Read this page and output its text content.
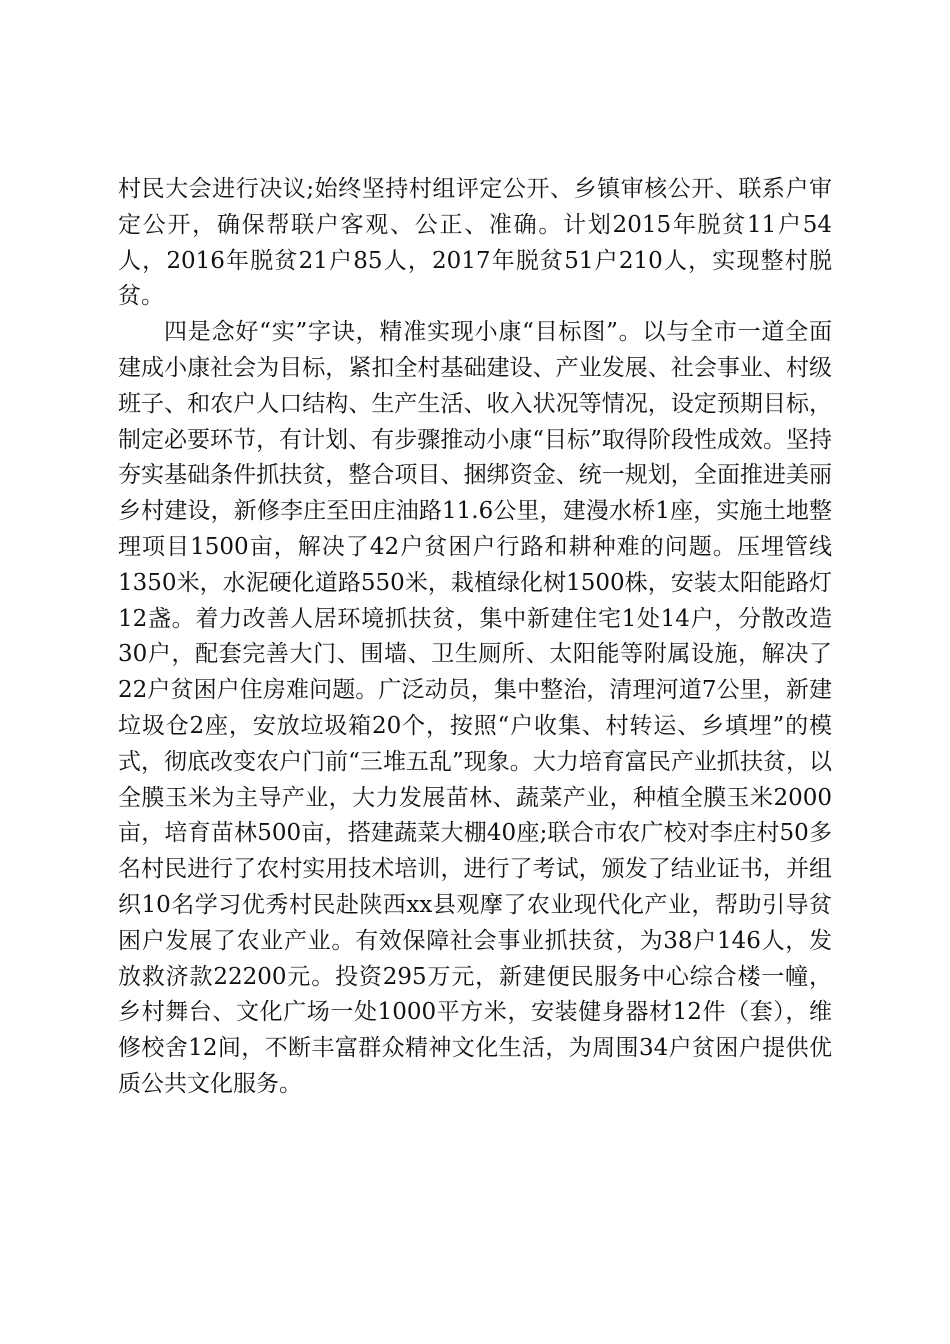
村民大会进行决议;始终坚持村组评定公开、乡镇审核公开、联系户审定公开，确保帮联户客观、公正、准确。计划2015年脱贫11户54人，2016年脱贫21户85人，2017年脱贫51户210人，实现整村脱贫。

四是念好“实”字诀，精准实现小康“目标图”。以与全市一道全面建成小康社会为目标，紧扣全村基础建设、产业发展、社会事业、村级班子、和农户人口结构、生产生活、收入状况等情况，设定预期目标，制定必要环节，有计划、有步骤推动小康“目标”取得阶段性成效。坚持夯实基础条件抓扶贫，整合项目、捆绑资金、统一规划，全面推进美丽乡村建设，新修李庄至田庄油路11.6公里，建漫水桥1座，实施土地整理项目1500亩，解决了42户贫困户行路和耕种难的问题。压埋管线1350米，水泥硬化道路550米，栽植绿化树1500株，安装太阳能路灯12盏。着力改善人居环境抓扶贫，集中新建住宅1处14户，分散改造30户，配套完善大门、围墙、卫生厕所、太阳能等附属设施，解决了22户贫困户住房难问题。广泛动员，集中整治，清理河道7公里，新建垃圾仓2座，安放垃圾箱20个，按照“户收集、村转运、乡填埋”的模式，彻底改变农户门前“三堆五乱”现象。大力培育富民产业抓扶贫，以全膜玉米为主导产业，大力发展苗林、蔬菜产业，种植全膜玉米2000亩，培育苗林500亩，搭建蔬菜大棚40座;联合市农广校对李庄村50多名村民进行了农村实用技术培训，进行了考试，颁发了结业证书，并组织10名学习优秀村民赴陕西xx县观摩了农业现代化产业，帮助引导贫困户发展了农业产业。有效保障社会事业抓扶贫，为38户146人，发放救济款22200元。投资295万元，新建便民服务中心综合楼一幢，乡村舞台、文化广场一处1000平方米，安装健身器材12件（套），维修校舍12间，不断丰富群众精神文化生活，为周围34户贫困户提供优质公共文化服务。
